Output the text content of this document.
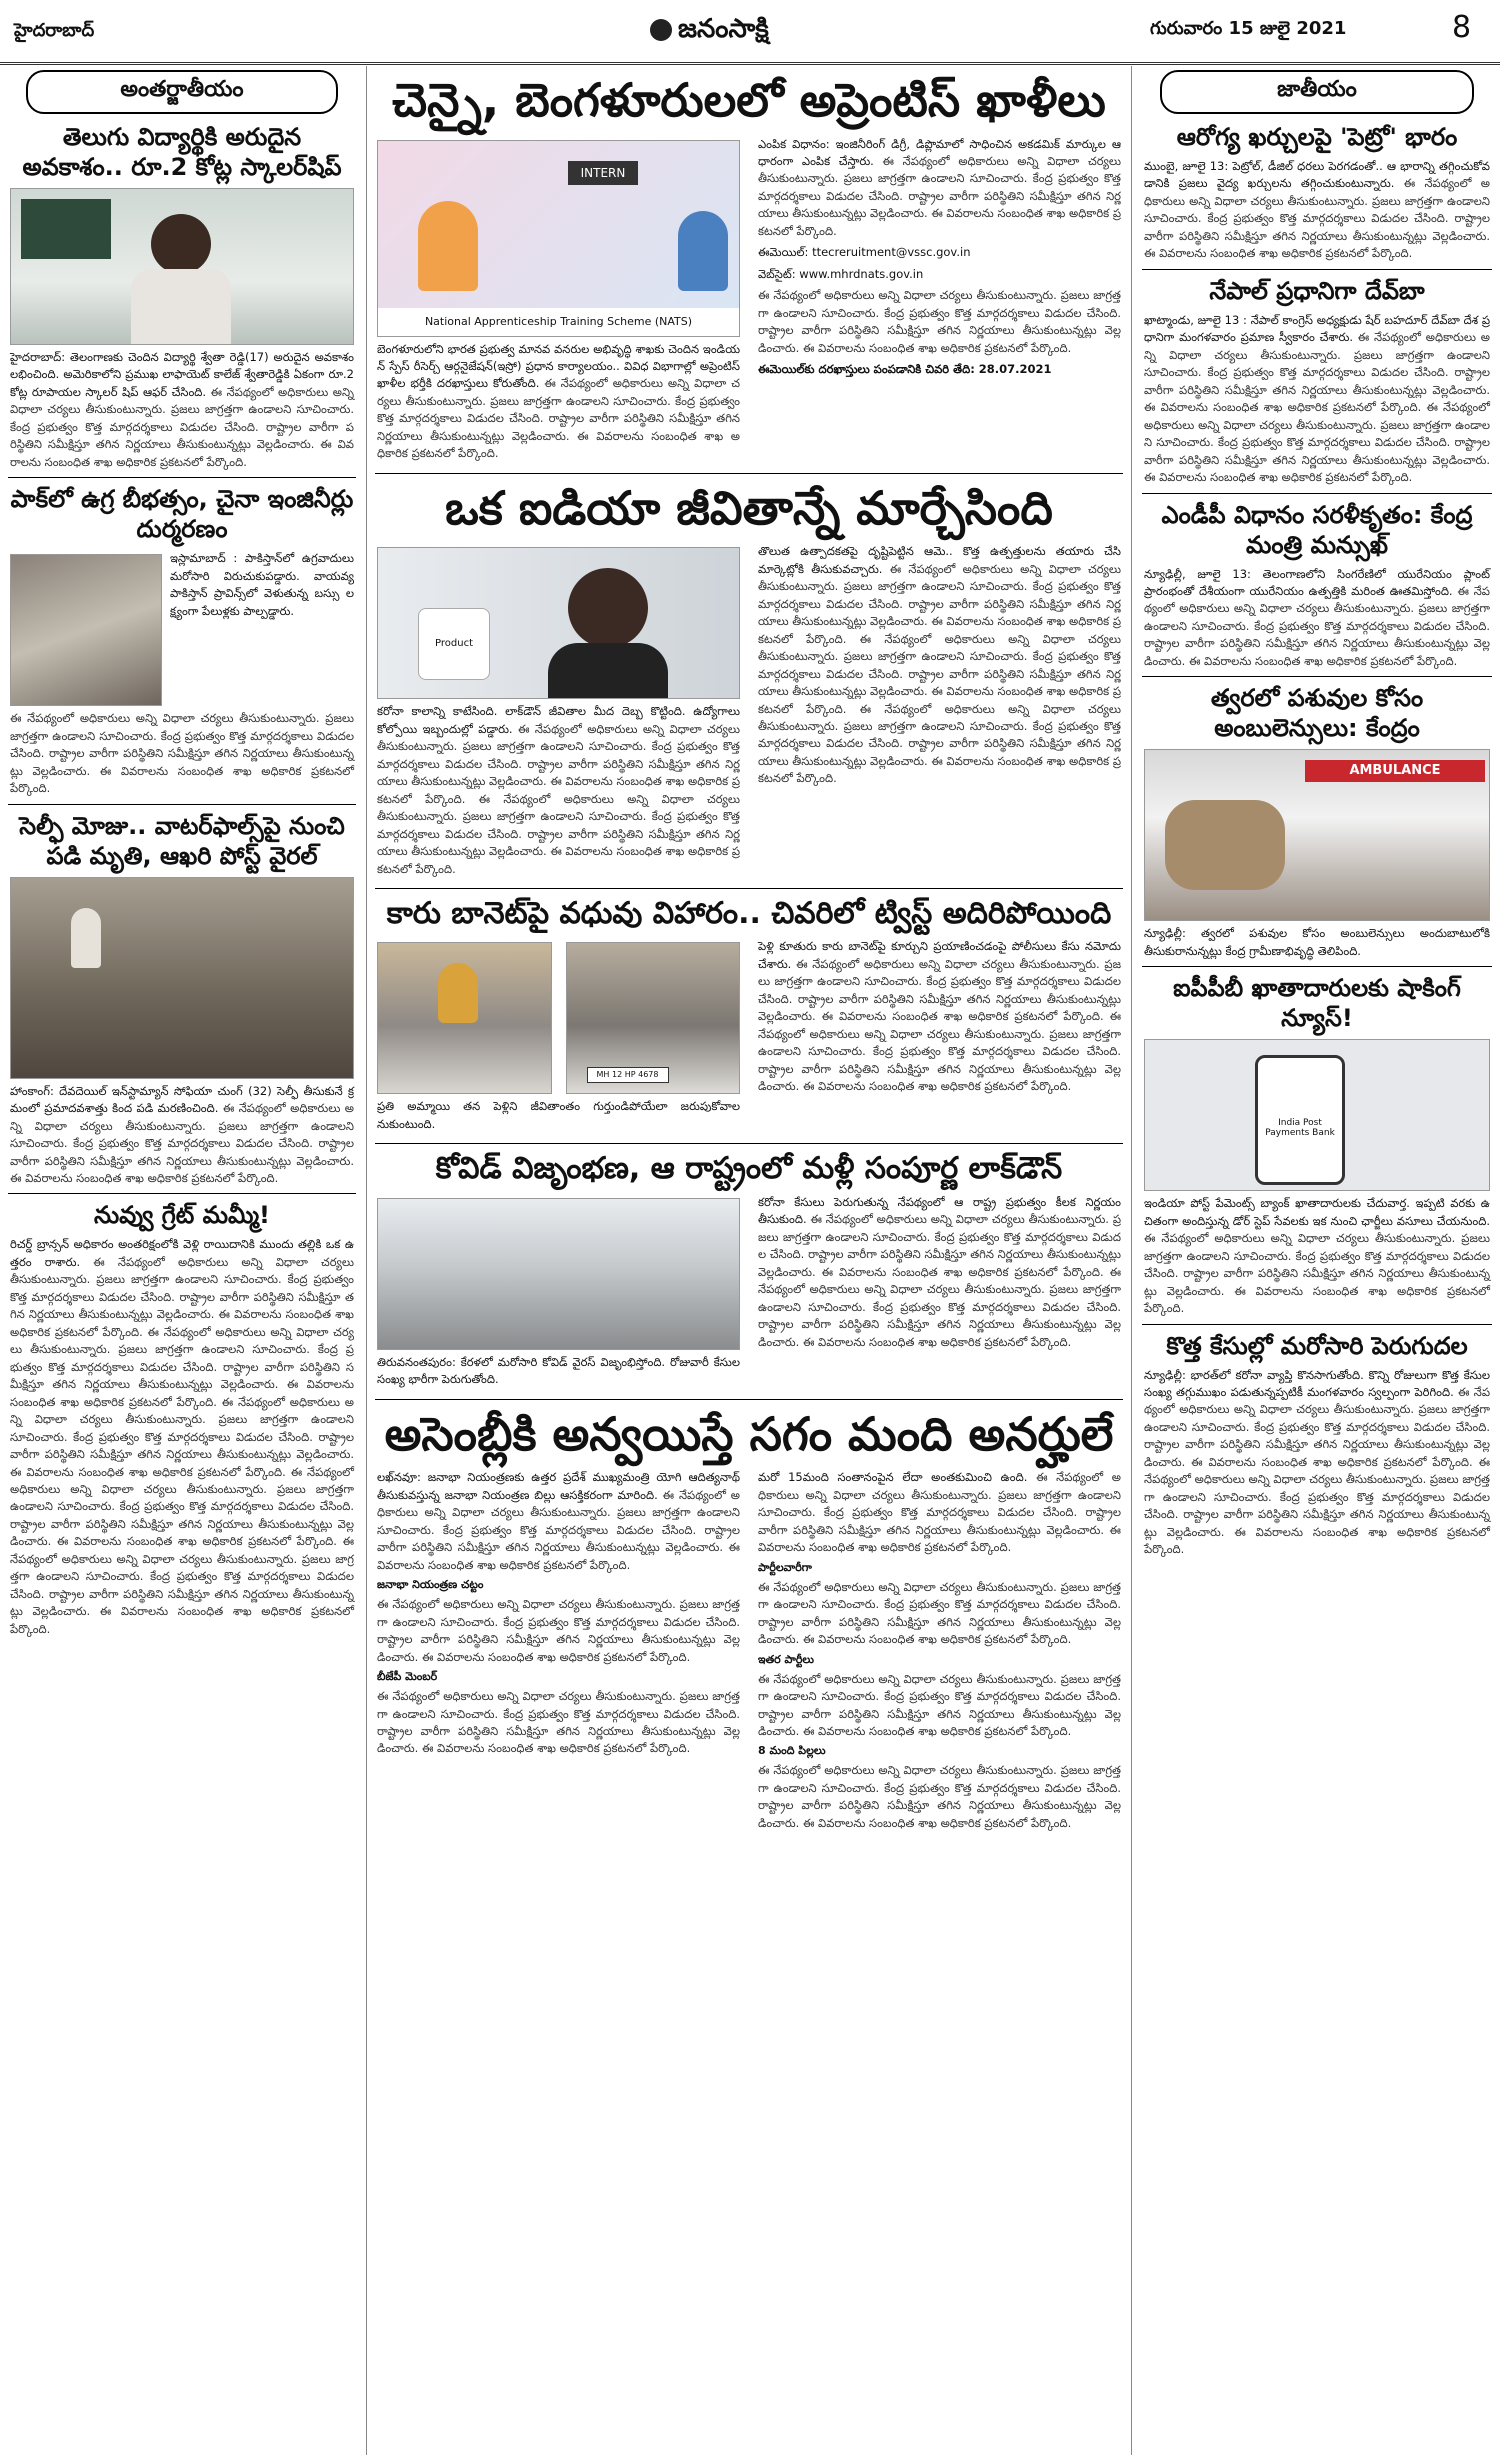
హైదరాబాద్	జనంసాక్షి	గురువారం 15 జులై 2021	8
అంతర్జాతీయం
తెలుగు విద్యార్థికి అరుదైన అవకాశం.. రూ.2 కోట్ల స్కాలర్‌షిప్
హైదరాబాద్‌: తెలంగాణకు చెందిన విద్యార్థి శ్వేతా రెడ్డి(17) అరుదైన అవకాశం లభించింది. అమెరికాలోని ప్రముఖ లాఫాయెట్‌ కాలేజ్‌ శ్వేతారెడ్డికి ఏకంగా రూ.2 కోట్ల రూపాయల స్కాలర్‌ షిప్‌ ఆఫర్‌ చేసింది. ఈ నేపథ్యంలో అధికారులు అన్ని విధాలా చర్యలు తీసుకుంటున్నారు. ప్రజలు జాగ్రత్తగా ఉండాలని సూచించారు. కేంద్ర ప్రభుత్వం కొత్త మార్గదర్శకాలు విడుదల చేసింది. రాష్ట్రాల వారీగా పరిస్థితిని సమీక్షిస్తూ తగిన నిర్ణయాలు తీసుకుంటున్నట్లు వెల్లడించారు. ఈ వివరాలను సంబంధిత శాఖ అధికారిక ప్రకటనలో పేర్కొంది.
పాక్‌లో ఉగ్ర బీభత్సం, చైనా ఇంజినీర్లు దుర్మరణం
ఇస్లామాబాద్‌ : పాకిస్తాన్‌లో ఉగ్రవాదులు మరోసారి విరుచుకుపడ్డారు. వాయవ్య పాకిస్తాన్‌ ప్రావిన్స్‌లో వెళుతున్న బస్సు లక్ష్యంగా పేలుళ్లకు పాల్పడ్డారు.
ఈ నేపథ్యంలో అధికారులు అన్ని విధాలా చర్యలు తీసుకుంటున్నారు. ప్రజలు జాగ్రత్తగా ఉండాలని సూచించారు. కేంద్ర ప్రభుత్వం కొత్త మార్గదర్శకాలు విడుదల చేసింది. రాష్ట్రాల వారీగా పరిస్థితిని సమీక్షిస్తూ తగిన నిర్ణయాలు తీసుకుంటున్నట్లు వెల్లడించారు. ఈ వివరాలను సంబంధిత శాఖ అధికారిక ప్రకటనలో పేర్కొంది.
సెల్ఫీ మోజు.. వాటర్‌ఫాల్స్‌పై నుంచి పడి మృతి, ఆఖరి పోస్ట్‌ వైరల్‌
హాంకాంగ్‌: దేవదెయిల్‌ ఇన్‌స్టామ్యాన్‌ సోఫియా చుంగ్‌ (32) సెల్ఫీ తీసుకునే క్రమంలో ప్రమాదవశాత్తు కింద పడి మరణించింది. ఈ నేపథ్యంలో అధికారులు అన్ని విధాలా చర్యలు తీసుకుంటున్నారు. ప్రజలు జాగ్రత్తగా ఉండాలని సూచించారు. కేంద్ర ప్రభుత్వం కొత్త మార్గదర్శకాలు విడుదల చేసింది. రాష్ట్రాల వారీగా పరిస్థితిని సమీక్షిస్తూ తగిన నిర్ణయాలు తీసుకుంటున్నట్లు వెల్లడించారు. ఈ వివరాలను సంబంధిత శాఖ అధికారిక ప్రకటనలో పేర్కొంది.
నువ్వు గ్రేట్‌ మమ్మీ!
రిచర్డ్‌ బ్రాన్సన్‌ అధికారం అంతరిక్షంలోకి వెళ్లి రాయిదానికి ముందు తల్లికి ఒక ఉత్తరం రాశారు. ఈ నేపథ్యంలో అధికారులు అన్ని విధాలా చర్యలు తీసుకుంటున్నారు. ప్రజలు జాగ్రత్తగా ఉండాలని సూచించారు. కేంద్ర ప్రభుత్వం కొత్త మార్గదర్శకాలు విడుదల చేసింది. రాష్ట్రాల వారీగా పరిస్థితిని సమీక్షిస్తూ తగిన నిర్ణయాలు తీసుకుంటున్నట్లు వెల్లడించారు. ఈ వివరాలను సంబంధిత శాఖ అధికారిక ప్రకటనలో పేర్కొంది. ఈ నేపథ్యంలో అధికారులు అన్ని విధాలా చర్యలు తీసుకుంటున్నారు. ప్రజలు జాగ్రత్తగా ఉండాలని సూచించారు. కేంద్ర ప్రభుత్వం కొత్త మార్గదర్శకాలు విడుదల చేసింది. రాష్ట్రాల వారీగా పరిస్థితిని సమీక్షిస్తూ తగిన నిర్ణయాలు తీసుకుంటున్నట్లు వెల్లడించారు. ఈ వివరాలను సంబంధిత శాఖ అధికారిక ప్రకటనలో పేర్కొంది. ఈ నేపథ్యంలో అధికారులు అన్ని విధాలా చర్యలు తీసుకుంటున్నారు. ప్రజలు జాగ్రత్తగా ఉండాలని సూచించారు. కేంద్ర ప్రభుత్వం కొత్త మార్గదర్శకాలు విడుదల చేసింది. రాష్ట్రాల వారీగా పరిస్థితిని సమీక్షిస్తూ తగిన నిర్ణయాలు తీసుకుంటున్నట్లు వెల్లడించారు. ఈ వివరాలను సంబంధిత శాఖ అధికారిక ప్రకటనలో పేర్కొంది. ఈ నేపథ్యంలో అధికారులు అన్ని విధాలా చర్యలు తీసుకుంటున్నారు. ప్రజలు జాగ్రత్తగా ఉండాలని సూచించారు. కేంద్ర ప్రభుత్వం కొత్త మార్గదర్శకాలు విడుదల చేసింది. రాష్ట్రాల వారీగా పరిస్థితిని సమీక్షిస్తూ తగిన నిర్ణయాలు తీసుకుంటున్నట్లు వెల్లడించారు. ఈ వివరాలను సంబంధిత శాఖ అధికారిక ప్రకటనలో పేర్కొంది. ఈ నేపథ్యంలో అధికారులు అన్ని విధాలా చర్యలు తీసుకుంటున్నారు. ప్రజలు జాగ్రత్తగా ఉండాలని సూచించారు. కేంద్ర ప్రభుత్వం కొత్త మార్గదర్శకాలు విడుదల చేసింది. రాష్ట్రాల వారీగా పరిస్థితిని సమీక్షిస్తూ తగిన నిర్ణయాలు తీసుకుంటున్నట్లు వెల్లడించారు. ఈ వివరాలను సంబంధిత శాఖ అధికారిక ప్రకటనలో పేర్కొంది.
చెన్నై, బెంగళూరులలో అప్రెంటిస్‌ ఖాళీలు
INTERN
National Apprenticeship Training Scheme (NATS)
బెంగళూరులోని భారత ప్రభుత్వ మానవ వనరుల అభివృద్ధి శాఖకు చెందిన ఇండియన్‌ స్పేస్‌ రీసెర్చ్‌ ఆర్గనైజేషన్‌(ఇస్రో) ప్రధాన కార్యాలయం.. వివిధ విభాగాల్లో అప్రెంటిస్‌ ఖాళీల భర్తీకి దరఖాస్తులు కోరుతోంది. ఈ నేపథ్యంలో అధికారులు అన్ని విధాలా చర్యలు తీసుకుంటున్నారు. ప్రజలు జాగ్రత్తగా ఉండాలని సూచించారు. కేంద్ర ప్రభుత్వం కొత్త మార్గదర్శకాలు విడుదల చేసింది. రాష్ట్రాల వారీగా పరిస్థితిని సమీక్షిస్తూ తగిన నిర్ణయాలు తీసుకుంటున్నట్లు వెల్లడించారు. ఈ వివరాలను సంబంధిత శాఖ అధికారిక ప్రకటనలో పేర్కొంది.
ఎంపిక విధానం: ఇంజినీరింగ్‌ డిగ్రీ, డిప్లొమాలో సాధించిన అకడమిక్‌ మార్కుల ఆధారంగా ఎంపిక చేస్తారు. ఈ నేపథ్యంలో అధికారులు అన్ని విధాలా చర్యలు తీసుకుంటున్నారు. ప్రజలు జాగ్రత్తగా ఉండాలని సూచించారు. కేంద్ర ప్రభుత్వం కొత్త మార్గదర్శకాలు విడుదల చేసింది. రాష్ట్రాల వారీగా పరిస్థితిని సమీక్షిస్తూ తగిన నిర్ణయాలు తీసుకుంటున్నట్లు వెల్లడించారు. ఈ వివరాలను సంబంధిత శాఖ అధికారిక ప్రకటనలో పేర్కొంది.
ఈమెయిల్‌: ttecreruitment@vssc.gov.in
వెబ్‌సైట్‌: www.mhrdnats.gov.in
ఈ నేపథ్యంలో అధికారులు అన్ని విధాలా చర్యలు తీసుకుంటున్నారు. ప్రజలు జాగ్రత్తగా ఉండాలని సూచించారు. కేంద్ర ప్రభుత్వం కొత్త మార్గదర్శకాలు విడుదల చేసింది. రాష్ట్రాల వారీగా పరిస్థితిని సమీక్షిస్తూ తగిన నిర్ణయాలు తీసుకుంటున్నట్లు వెల్లడించారు. ఈ వివరాలను సంబంధిత శాఖ అధికారిక ప్రకటనలో పేర్కొంది.
ఈమెయిల్‌కు దరఖాస్తులు పంపడానికి చివరి తేది: 28.07.2021
ఒక ఐడియా జీవితాన్నే మార్చేసింది
Product
కరోనా కాలాన్ని కాటేసింది. లాక్‌డౌన్‌ జీవితాల మీద దెబ్బ కొట్టింది. ఉద్యోగాలు కోల్పోయి ఇబ్బందుల్లో పడ్డారు. ఈ నేపథ్యంలో అధికారులు అన్ని విధాలా చర్యలు తీసుకుంటున్నారు. ప్రజలు జాగ్రత్తగా ఉండాలని సూచించారు. కేంద్ర ప్రభుత్వం కొత్త మార్గదర్శకాలు విడుదల చేసింది. రాష్ట్రాల వారీగా పరిస్థితిని సమీక్షిస్తూ తగిన నిర్ణయాలు తీసుకుంటున్నట్లు వెల్లడించారు. ఈ వివరాలను సంబంధిత శాఖ అధికారిక ప్రకటనలో పేర్కొంది. ఈ నేపథ్యంలో అధికారులు అన్ని విధాలా చర్యలు తీసుకుంటున్నారు. ప్రజలు జాగ్రత్తగా ఉండాలని సూచించారు. కేంద్ర ప్రభుత్వం కొత్త మార్గదర్శకాలు విడుదల చేసింది. రాష్ట్రాల వారీగా పరిస్థితిని సమీక్షిస్తూ తగిన నిర్ణయాలు తీసుకుంటున్నట్లు వెల్లడించారు. ఈ వివరాలను సంబంధిత శాఖ అధికారిక ప్రకటనలో పేర్కొంది.
తొలుత ఉత్పాదకతపై దృష్టిపెట్టిన ఆమె.. కొత్త ఉత్పత్తులను తయారు చేసి మార్కెట్లోకి తీసుకువచ్చారు. ఈ నేపథ్యంలో అధికారులు అన్ని విధాలా చర్యలు తీసుకుంటున్నారు. ప్రజలు జాగ్రత్తగా ఉండాలని సూచించారు. కేంద్ర ప్రభుత్వం కొత్త మార్గదర్శకాలు విడుదల చేసింది. రాష్ట్రాల వారీగా పరిస్థితిని సమీక్షిస్తూ తగిన నిర్ణయాలు తీసుకుంటున్నట్లు వెల్లడించారు. ఈ వివరాలను సంబంధిత శాఖ అధికారిక ప్రకటనలో పేర్కొంది. ఈ నేపథ్యంలో అధికారులు అన్ని విధాలా చర్యలు తీసుకుంటున్నారు. ప్రజలు జాగ్రత్తగా ఉండాలని సూచించారు. కేంద్ర ప్రభుత్వం కొత్త మార్గదర్శకాలు విడుదల చేసింది. రాష్ట్రాల వారీగా పరిస్థితిని సమీక్షిస్తూ తగిన నిర్ణయాలు తీసుకుంటున్నట్లు వెల్లడించారు. ఈ వివరాలను సంబంధిత శాఖ అధికారిక ప్రకటనలో పేర్కొంది. ఈ నేపథ్యంలో అధికారులు అన్ని విధాలా చర్యలు తీసుకుంటున్నారు. ప్రజలు జాగ్రత్తగా ఉండాలని సూచించారు. కేంద్ర ప్రభుత్వం కొత్త మార్గదర్శకాలు విడుదల చేసింది. రాష్ట్రాల వారీగా పరిస్థితిని సమీక్షిస్తూ తగిన నిర్ణయాలు తీసుకుంటున్నట్లు వెల్లడించారు. ఈ వివరాలను సంబంధిత శాఖ అధికారిక ప్రకటనలో పేర్కొంది.
కారు బానెట్‌పై వధువు విహారం.. చివరిలో ట్విస్ట్‌ అదిరిపోయింది
MH 12 HP 4678
ప్రతి అమ్మాయి తన పెళ్లిని జీవితాంతం గుర్తుండిపోయేలా జరుపుకోవాలనుకుంటుంది.
పెళ్లి కూతురు కారు బానెట్‌పై కూర్చుని ప్రయాణించడంపై పోలీసులు కేసు నమోదు చేశారు. ఈ నేపథ్యంలో అధికారులు అన్ని విధాలా చర్యలు తీసుకుంటున్నారు. ప్రజలు జాగ్రత్తగా ఉండాలని సూచించారు. కేంద్ర ప్రభుత్వం కొత్త మార్గదర్శకాలు విడుదల చేసింది. రాష్ట్రాల వారీగా పరిస్థితిని సమీక్షిస్తూ తగిన నిర్ణయాలు తీసుకుంటున్నట్లు వెల్లడించారు. ఈ వివరాలను సంబంధిత శాఖ అధికారిక ప్రకటనలో పేర్కొంది. ఈ నేపథ్యంలో అధికారులు అన్ని విధాలా చర్యలు తీసుకుంటున్నారు. ప్రజలు జాగ్రత్తగా ఉండాలని సూచించారు. కేంద్ర ప్రభుత్వం కొత్త మార్గదర్శకాలు విడుదల చేసింది. రాష్ట్రాల వారీగా పరిస్థితిని సమీక్షిస్తూ తగిన నిర్ణయాలు తీసుకుంటున్నట్లు వెల్లడించారు. ఈ వివరాలను సంబంధిత శాఖ అధికారిక ప్రకటనలో పేర్కొంది.
కోవిడ్‌ విజృంభణ, ఆ రాష్ట్రంలో మళ్లీ సంపూర్ణ లాక్‌డౌన్‌
తిరువనంతపురం: కేరళలో మరోసారి కోవిడ్‌ వైరస్‌ విజృంభిస్తోంది. రోజువారీ కేసుల సంఖ్య భారీగా పెరుగుతోంది.
కరోనా కేసులు పెరుగుతున్న నేపథ్యంలో ఆ రాష్ట్ర ప్రభుత్వం కీలక నిర్ణయం తీసుకుంది. ఈ నేపథ్యంలో అధికారులు అన్ని విధాలా చర్యలు తీసుకుంటున్నారు. ప్రజలు జాగ్రత్తగా ఉండాలని సూచించారు. కేంద్ర ప్రభుత్వం కొత్త మార్గదర్శకాలు విడుదల చేసింది. రాష్ట్రాల వారీగా పరిస్థితిని సమీక్షిస్తూ తగిన నిర్ణయాలు తీసుకుంటున్నట్లు వెల్లడించారు. ఈ వివరాలను సంబంధిత శాఖ అధికారిక ప్రకటనలో పేర్కొంది. ఈ నేపథ్యంలో అధికారులు అన్ని విధాలా చర్యలు తీసుకుంటున్నారు. ప్రజలు జాగ్రత్తగా ఉండాలని సూచించారు. కేంద్ర ప్రభుత్వం కొత్త మార్గదర్శకాలు విడుదల చేసింది. రాష్ట్రాల వారీగా పరిస్థితిని సమీక్షిస్తూ తగిన నిర్ణయాలు తీసుకుంటున్నట్లు వెల్లడించారు. ఈ వివరాలను సంబంధిత శాఖ అధికారిక ప్రకటనలో పేర్కొంది.
అసెంబ్లీకి అన్వయిస్తే సగం మంది అనర్హులే
లఖ్‌నవూ: జనాభా నియంత్రణకు ఉత్తర ప్రదేశ్‌ ముఖ్యమంత్రి యోగి ఆదిత్యనాథ్‌ తీసుకువస్తున్న జనాభా నియంత్రణ బిల్లు ఆసక్తికరంగా మారింది. ఈ నేపథ్యంలో అధికారులు అన్ని విధాలా చర్యలు తీసుకుంటున్నారు. ప్రజలు జాగ్రత్తగా ఉండాలని సూచించారు. కేంద్ర ప్రభుత్వం కొత్త మార్గదర్శకాలు విడుదల చేసింది. రాష్ట్రాల వారీగా పరిస్థితిని సమీక్షిస్తూ తగిన నిర్ణయాలు తీసుకుంటున్నట్లు వెల్లడించారు. ఈ వివరాలను సంబంధిత శాఖ అధికారిక ప్రకటనలో పేర్కొంది.
జనాభా నియంత్రణ చట్టం
ఈ నేపథ్యంలో అధికారులు అన్ని విధాలా చర్యలు తీసుకుంటున్నారు. ప్రజలు జాగ్రత్తగా ఉండాలని సూచించారు. కేంద్ర ప్రభుత్వం కొత్త మార్గదర్శకాలు విడుదల చేసింది. రాష్ట్రాల వారీగా పరిస్థితిని సమీక్షిస్తూ తగిన నిర్ణయాలు తీసుకుంటున్నట్లు వెల్లడించారు. ఈ వివరాలను సంబంధిత శాఖ అధికారిక ప్రకటనలో పేర్కొంది.
బీజేపీ మెంబర్‌
ఈ నేపథ్యంలో అధికారులు అన్ని విధాలా చర్యలు తీసుకుంటున్నారు. ప్రజలు జాగ్రత్తగా ఉండాలని సూచించారు. కేంద్ర ప్రభుత్వం కొత్త మార్గదర్శకాలు విడుదల చేసింది. రాష్ట్రాల వారీగా పరిస్థితిని సమీక్షిస్తూ తగిన నిర్ణయాలు తీసుకుంటున్నట్లు వెల్లడించారు. ఈ వివరాలను సంబంధిత శాఖ అధికారిక ప్రకటనలో పేర్కొంది.
మరో 15మంది సంతానంపైన లేదా అంతకుమించి ఉంది. ఈ నేపథ్యంలో అధికారులు అన్ని విధాలా చర్యలు తీసుకుంటున్నారు. ప్రజలు జాగ్రత్తగా ఉండాలని సూచించారు. కేంద్ర ప్రభుత్వం కొత్త మార్గదర్శకాలు విడుదల చేసింది. రాష్ట్రాల వారీగా పరిస్థితిని సమీక్షిస్తూ తగిన నిర్ణయాలు తీసుకుంటున్నట్లు వెల్లడించారు. ఈ వివరాలను సంబంధిత శాఖ అధికారిక ప్రకటనలో పేర్కొంది.
పార్టీలవారీగా
ఈ నేపథ్యంలో అధికారులు అన్ని విధాలా చర్యలు తీసుకుంటున్నారు. ప్రజలు జాగ్రత్తగా ఉండాలని సూచించారు. కేంద్ర ప్రభుత్వం కొత్త మార్గదర్శకాలు విడుదల చేసింది. రాష్ట్రాల వారీగా పరిస్థితిని సమీక్షిస్తూ తగిన నిర్ణయాలు తీసుకుంటున్నట్లు వెల్లడించారు. ఈ వివరాలను సంబంధిత శాఖ అధికారిక ప్రకటనలో పేర్కొంది.
ఇతర పార్టీలు
ఈ నేపథ్యంలో అధికారులు అన్ని విధాలా చర్యలు తీసుకుంటున్నారు. ప్రజలు జాగ్రత్తగా ఉండాలని సూచించారు. కేంద్ర ప్రభుత్వం కొత్త మార్గదర్శకాలు విడుదల చేసింది. రాష్ట్రాల వారీగా పరిస్థితిని సమీక్షిస్తూ తగిన నిర్ణయాలు తీసుకుంటున్నట్లు వెల్లడించారు. ఈ వివరాలను సంబంధిత శాఖ అధికారిక ప్రకటనలో పేర్కొంది.
8 మంది పిల్లలు
ఈ నేపథ్యంలో అధికారులు అన్ని విధాలా చర్యలు తీసుకుంటున్నారు. ప్రజలు జాగ్రత్తగా ఉండాలని సూచించారు. కేంద్ర ప్రభుత్వం కొత్త మార్గదర్శకాలు విడుదల చేసింది. రాష్ట్రాల వారీగా పరిస్థితిని సమీక్షిస్తూ తగిన నిర్ణయాలు తీసుకుంటున్నట్లు వెల్లడించారు. ఈ వివరాలను సంబంధిత శాఖ అధికారిక ప్రకటనలో పేర్కొంది.
జాతీయం
ఆరోగ్య ఖర్చులపై 'పెట్రో' భారం
ముంబై, జూలై 13: పెట్రోల్‌, డీజిల్‌ ధరలు పెరగడంతో.. ఆ భారాన్ని తగ్గించుకోవడానికి ప్రజలు వైద్య ఖర్చులను తగ్గించుకుంటున్నారు. ఈ నేపథ్యంలో అధికారులు అన్ని విధాలా చర్యలు తీసుకుంటున్నారు. ప్రజలు జాగ్రత్తగా ఉండాలని సూచించారు. కేంద్ర ప్రభుత్వం కొత్త మార్గదర్శకాలు విడుదల చేసింది. రాష్ట్రాల వారీగా పరిస్థితిని సమీక్షిస్తూ తగిన నిర్ణయాలు తీసుకుంటున్నట్లు వెల్లడించారు. ఈ వివరాలను సంబంధిత శాఖ అధికారిక ప్రకటనలో పేర్కొంది.
నేపాల్‌ ప్రధానిగా దేవ్‌బా
ఖాట్మాండు, జూలై 13 : నేపాల్‌ కాంగ్రెస్‌ అధ్యక్షుడు షేర్‌ బహదూర్‌ దేవ్‌బా దేశ ప్రధానిగా మంగళవారం ప్రమాణ స్వీకారం చేశారు. ఈ నేపథ్యంలో అధికారులు అన్ని విధాలా చర్యలు తీసుకుంటున్నారు. ప్రజలు జాగ్రత్తగా ఉండాలని సూచించారు. కేంద్ర ప్రభుత్వం కొత్త మార్గదర్శకాలు విడుదల చేసింది. రాష్ట్రాల వారీగా పరిస్థితిని సమీక్షిస్తూ తగిన నిర్ణయాలు తీసుకుంటున్నట్లు వెల్లడించారు. ఈ వివరాలను సంబంధిత శాఖ అధికారిక ప్రకటనలో పేర్కొంది. ఈ నేపథ్యంలో అధికారులు అన్ని విధాలా చర్యలు తీసుకుంటున్నారు. ప్రజలు జాగ్రత్తగా ఉండాలని సూచించారు. కేంద్ర ప్రభుత్వం కొత్త మార్గదర్శకాలు విడుదల చేసింది. రాష్ట్రాల వారీగా పరిస్థితిని సమీక్షిస్తూ తగిన నిర్ణయాలు తీసుకుంటున్నట్లు వెల్లడించారు. ఈ వివరాలను సంబంధిత శాఖ అధికారిక ప్రకటనలో పేర్కొంది.
ఎండీపీ విధానం సరళీకృతం: కేంద్ర మంత్రి మన్సుఖ్‌
న్యూఢిల్లీ, జూలై 13: తెలంగాణలోని సింగరేణిలో యురేనియం ప్లాంట్‌ ప్రారంభంతో దేశీయంగా యురేనియం ఉత్పత్తికి మరింత ఊతమిస్తోంది. ఈ నేపథ్యంలో అధికారులు అన్ని విధాలా చర్యలు తీసుకుంటున్నారు. ప్రజలు జాగ్రత్తగా ఉండాలని సూచించారు. కేంద్ర ప్రభుత్వం కొత్త మార్గదర్శకాలు విడుదల చేసింది. రాష్ట్రాల వారీగా పరిస్థితిని సమీక్షిస్తూ తగిన నిర్ణయాలు తీసుకుంటున్నట్లు వెల్లడించారు. ఈ వివరాలను సంబంధిత శాఖ అధికారిక ప్రకటనలో పేర్కొంది.
త్వరలో పశువుల కోసం అంబులెన్సులు: కేంద్రం
AMBULANCE
న్యూఢిల్లీ: త్వరలో పశువుల కోసం అంబులెన్సులు అందుబాటులోకి తీసుకురానున్నట్లు కేంద్ర గ్రామీణాభివృద్ధి తెలిపింది.
ఐపీపీబీ ఖాతాదారులకు షాకింగ్‌ న్యూస్‌!
India Post Payments Bank
ఇండియా పోస్ట్‌ పేమెంట్స్‌ బ్యాంక్‌ ఖాతాదారులకు చేదువార్త. ఇప్పటి వరకు ఉచితంగా అందిస్తున్న డోర్‌ స్టెప్‌ సేవలకు ఇక నుంచి ఛార్జీలు వసూలు చేయనుంది. ఈ నేపథ్యంలో అధికారులు అన్ని విధాలా చర్యలు తీసుకుంటున్నారు. ప్రజలు జాగ్రత్తగా ఉండాలని సూచించారు. కేంద్ర ప్రభుత్వం కొత్త మార్గదర్శకాలు విడుదల చేసింది. రాష్ట్రాల వారీగా పరిస్థితిని సమీక్షిస్తూ తగిన నిర్ణయాలు తీసుకుంటున్నట్లు వెల్లడించారు. ఈ వివరాలను సంబంధిత శాఖ అధికారిక ప్రకటనలో పేర్కొంది.
కొత్త కేసుల్లో మరోసారి పెరుగుదల
న్యూఢిల్లీ: భారత్‌లో కరోనా వ్యాప్తి కొనసాగుతోంది. కొన్ని రోజులుగా కొత్త కేసుల సంఖ్య తగ్గుముఖం పడుతున్నప్పటికీ మంగళవారం స్వల్పంగా పెరిగింది. ఈ నేపథ్యంలో అధికారులు అన్ని విధాలా చర్యలు తీసుకుంటున్నారు. ప్రజలు జాగ్రత్తగా ఉండాలని సూచించారు. కేంద్ర ప్రభుత్వం కొత్త మార్గదర్శకాలు విడుదల చేసింది. రాష్ట్రాల వారీగా పరిస్థితిని సమీక్షిస్తూ తగిన నిర్ణయాలు తీసుకుంటున్నట్లు వెల్లడించారు. ఈ వివరాలను సంబంధిత శాఖ అధికారిక ప్రకటనలో పేర్కొంది. ఈ నేపథ్యంలో అధికారులు అన్ని విధాలా చర్యలు తీసుకుంటున్నారు. ప్రజలు జాగ్రత్తగా ఉండాలని సూచించారు. కేంద్ర ప్రభుత్వం కొత్త మార్గదర్శకాలు విడుదల చేసింది. రాష్ట్రాల వారీగా పరిస్థితిని సమీక్షిస్తూ తగిన నిర్ణయాలు తీసుకుంటున్నట్లు వెల్లడించారు. ఈ వివరాలను సంబంధిత శాఖ అధికారిక ప్రకటనలో పేర్కొంది.
